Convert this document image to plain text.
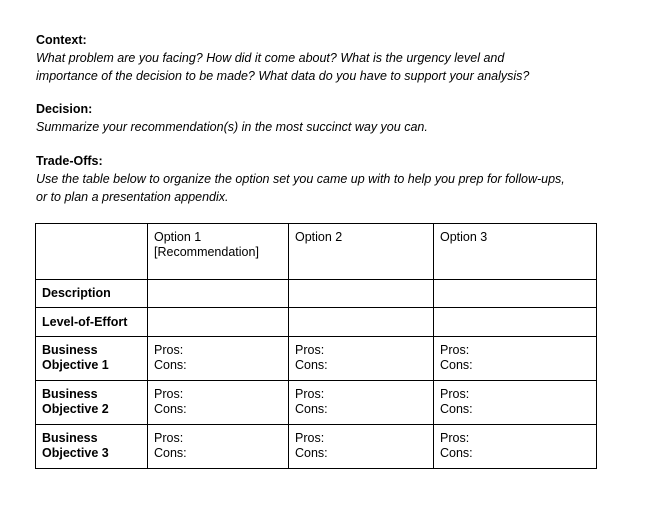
Context:
What problem are you facing? How did it come about? What is the urgency level and
importance of the decision to be made? What data do you have to support your analysis?
Decision:
Summarize your recommendation(s) in the most succinct way you can.
Trade-Offs:
Use the table below to organize the option set you came up with to help you prep for follow-ups,
or to plan a presentation appendix.

	Option 1
[Recommendation]	Option 2	Option 3

Description			

Level-of-Effort			

Business
Objective 1	Pros:
Cons:	Pros:
Cons:	Pros:
Cons:

Business
Objective 2	Pros:
Cons:	Pros:
Cons:	Pros:
Cons:

Business
Objective 3	Pros:
Cons:	Pros:
Cons:	Pros:
Cons:
